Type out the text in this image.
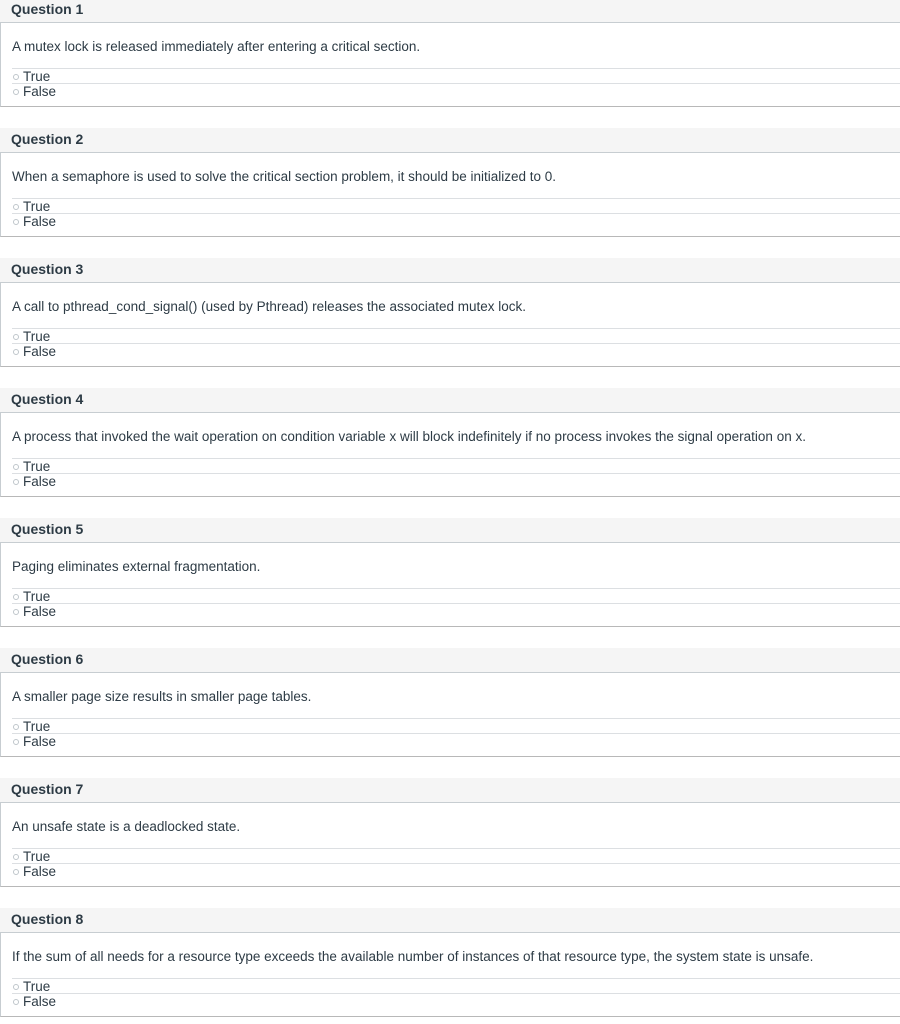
Question 1
A mutex lock is released immediately after entering a critical section.
True
False
Question 2
When a semaphore is used to solve the critical section problem, it should be initialized to 0.
True
False
Question 3
A call to pthread_cond_signal() (used by Pthread) releases the associated mutex lock.
True
False
Question 4
A process that invoked the wait operation on condition variable x will block indefinitely if no process invokes the signal operation on x.
True
False
Question 5
Paging eliminates external fragmentation.
True
False
Question 6
A smaller page size results in smaller page tables.
True
False
Question 7
An unsafe state is a deadlocked state.
True
False
Question 8
If the sum of all needs for a resource type exceeds the available number of instances of that resource type, the system state is unsafe.
True
False
